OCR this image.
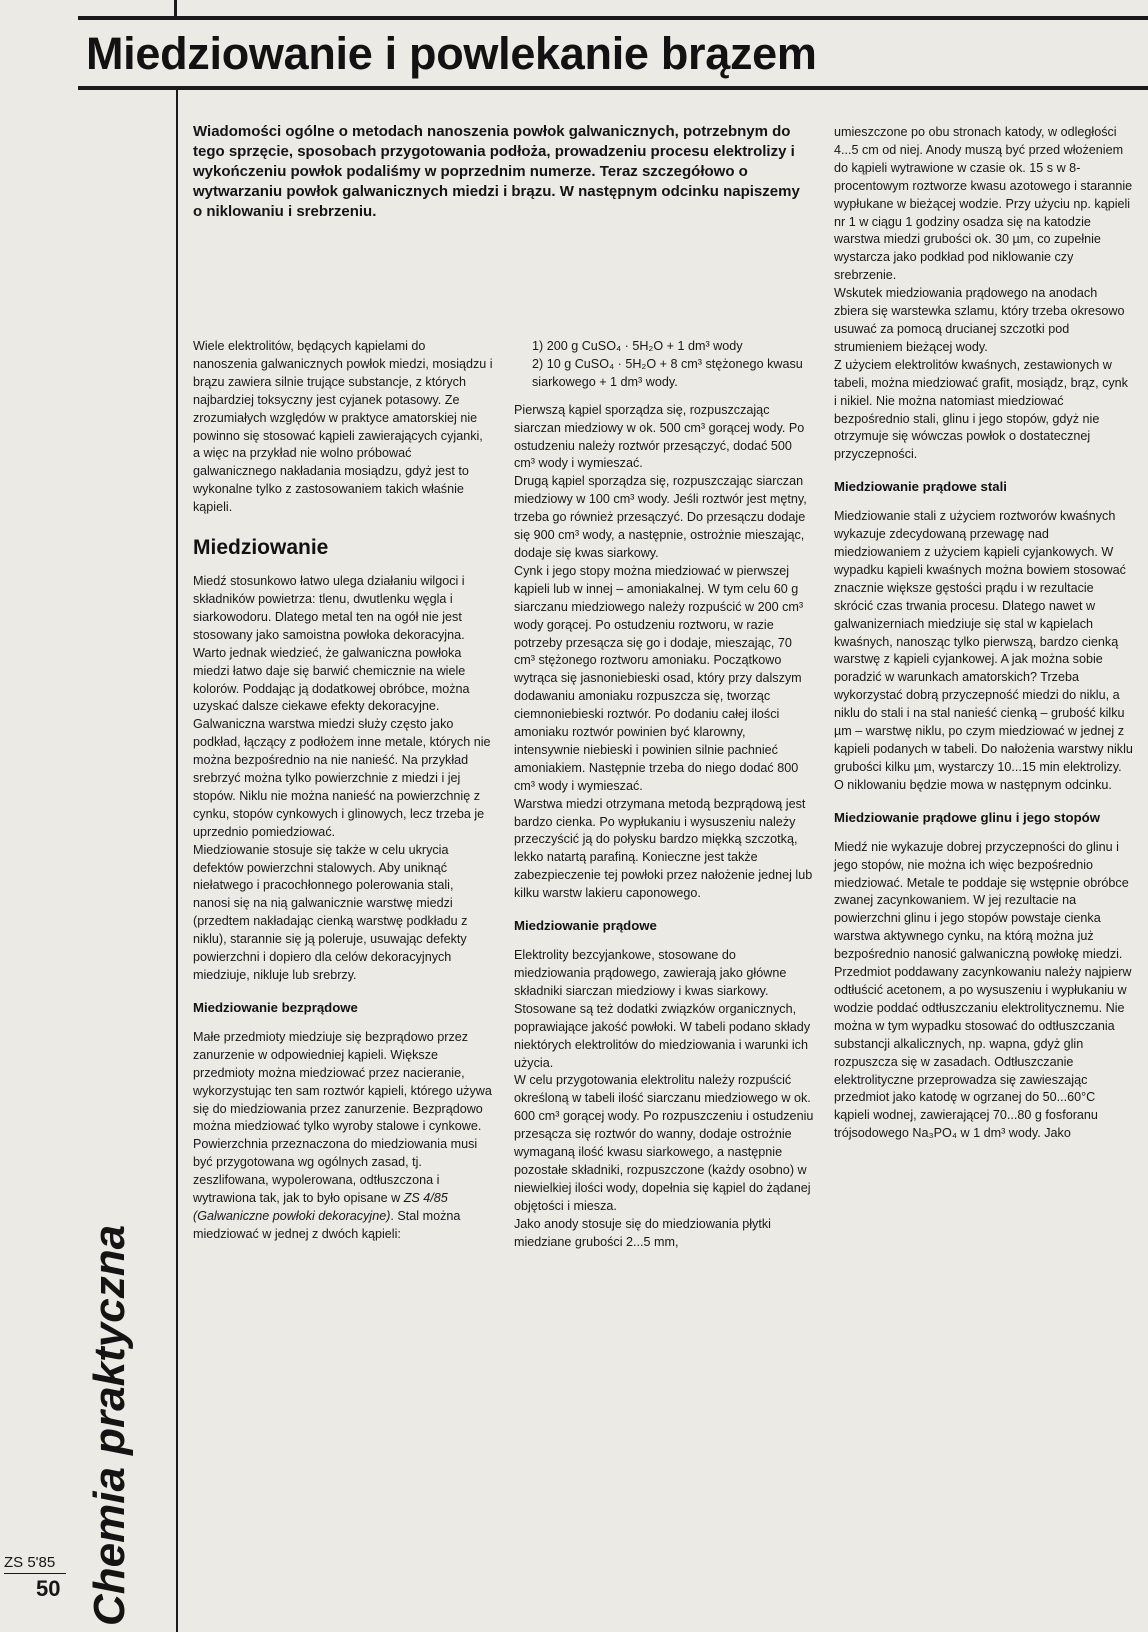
Miedziowanie i powlekanie brązem
Chemia praktyczna
ZS 5'85
50

Wiadomości ogólne o metodach nanoszenia powłok galwanicznych, potrzebnym do tego sprzęcie, sposobach przygotowania podłoża, prowadzeniu procesu elektrolizy i wykończeniu powłok podaliśmy w poprzednim numerze. Teraz szczegółowo o wytwarzaniu powłok galwanicznych miedzi i brązu. W następnym odcinku napiszemy o niklowaniu i srebrzeniu.

Wiele elektrolitów, będących kąpielami do nanoszenia galwanicznych powłok miedzi, mosiądzu i brązu zawiera silnie trujące substancje, z których najbardziej toksyczny jest cyjanek potasowy. Ze zrozumiałych względów w praktyce amatorskiej nie powinno się stosować kąpieli zawierających cyjanki, a więc na przykład nie wolno próbować galwanicznego nakładania mosiądzu, gdyż jest to wykonalne tylko z zastosowaniem takich właśnie kąpieli.

Miedziowanie

Miedź stosunkowo łatwo ulega działaniu wilgoci i składników powietrza: tlenu, dwutlenku węgla i siarkowodoru. Dlatego metal ten na ogół nie jest stosowany jako samoistna powłoka dekoracyjna. Warto jednak wiedzieć, że galwaniczna powłoka miedzi łatwo daje się barwić chemicznie na wiele kolorów. Poddając ją dodatkowej obróbce, można uzyskać dalsze ciekawe efekty dekoracyjne. Galwaniczna warstwa miedzi służy często jako podkład, łączący z podłożem inne metale, których nie można bezpośrednio na nie nanieść. Na przykład srebrzyć można tylko powierzchnie z miedzi i jej stopów. Niklu nie można nanieść na powierzchnię z cynku, stopów cynkowych i glinowych, lecz trzeba je uprzednio pomiedziować.

Miedziowanie stosuje się także w celu ukrycia defektów powierzchni stalowych. Aby uniknąć niełatwego i pracochłonnego polerowania stali, nanosi się na nią galwanicznie warstwę miedzi (przedtem nakładając cienką warstwę podkładu z niklu), starannie się ją poleruje, usuwając defekty powierzchni i dopiero dla celów dekoracyjnych miedziuje, nikluje lub srebrzy.

Miedziowanie bezprądowe

Małe przedmioty miedziuje się bezprądowo przez zanurzenie w odpowiedniej kąpieli. Większe przedmioty można miedziować przez nacieranie, wykorzystując ten sam roztwór kąpieli, którego używa się do miedziowania przez zanurzenie. Bezprądowo można miedziować tylko wyroby stalowe i cynkowe. Powierzchnia przeznaczona do miedziowania musi być przygotowana wg ogólnych zasad, tj. zeszlifowana, wypolerowana, odtłuszczona i wytrawiona tak, jak to było opisane w ZS 4/85 (Galwaniczne powłoki dekoracyjne). Stal można miedziować w jednej z dwóch kąpieli:

1) 200 g CuSO₄ · 5H₂O + 1 dm³ wody

2) 10 g CuSO₄ · 5H₂O + 8 cm³ stężonego kwasu siarkowego + 1 dm³ wody.

Pierwszą kąpiel sporządza się, rozpuszczając siarczan miedziowy w ok. 500 cm³ gorącej wody. Po ostudzeniu należy roztwór przesączyć, dodać 500 cm³ wody i wymieszać.

Drugą kąpiel sporządza się, rozpuszczając siarczan miedziowy w 100 cm³ wody. Jeśli roztwór jest mętny, trzeba go również przesączyć. Do przesączu dodaje się 900 cm³ wody, a następnie, ostrożnie mieszając, dodaje się kwas siarkowy.

Cynk i jego stopy można miedziować w pierwszej kąpieli lub w innej – amoniakalnej. W tym celu 60 g siarczanu miedziowego należy rozpuścić w 200 cm³ wody gorącej. Po ostudzeniu roztworu, w razie potrzeby przesącza się go i dodaje, mieszając, 70 cm³ stężonego roztworu amoniaku. Początkowo wytrąca się jasnoniebieski osad, który przy dalszym dodawaniu amoniaku rozpuszcza się, tworząc ciemnoniebieski roztwór. Po dodaniu całej ilości amoniaku roztwór powinien być klarowny, intensywnie niebieski i powinien silnie pachnieć amoniakiem. Następnie trzeba do niego dodać 800 cm³ wody i wymieszać.

Warstwa miedzi otrzymana metodą bezprądową jest bardzo cienka. Po wypłukaniu i wysuszeniu należy przeczyścić ją do połysku bardzo miękką szczotką, lekko natartą parafiną. Konieczne jest także zabezpieczenie tej powłoki przez nałożenie jednej lub kilku warstw lakieru caponowego.

Miedziowanie prądowe

Elektrolity bezcyjankowe, stosowane do miedziowania prądowego, zawierają jako główne składniki siarczan miedziowy i kwas siarkowy. Stosowane są też dodatki związków organicznych, poprawiające jakość powłoki. W tabeli podano składy niektórych elektrolitów do miedziowania i warunki ich użycia.

W celu przygotowania elektrolitu należy rozpuścić określoną w tabeli ilość siarczanu miedziowego w ok. 600 cm³ gorącej wody. Po rozpuszczeniu i ostudzeniu przesącza się roztwór do wanny, dodaje ostrożnie wymaganą ilość kwasu siarkowego, a następnie pozostałe składniki, rozpuszczone (każdy osobno) w niewielkiej ilości wody, dopełnia się kąpiel do żądanej objętości i miesza.

Jako anody stosuje się do miedziowania płytki miedziane grubości 2...5 mm,

umieszczone po obu stronach katody, w odległości 4...5 cm od niej. Anody muszą być przed włożeniem do kąpieli wytrawione w czasie ok. 15 s w 8-procentowym roztworze kwasu azotowego i starannie wypłukane w bieżącej wodzie. Przy użyciu np. kąpieli nr 1 w ciągu 1 godziny osadza się na katodzie warstwa miedzi grubości ok. 30 µm, co zupełnie wystarcza jako podkład pod niklowanie czy srebrzenie.

Wskutek miedziowania prądowego na anodach zbiera się warstewka szlamu, który trzeba okresowo usuwać za pomocą drucianej szczotki pod strumieniem bieżącej wody.

Z użyciem elektrolitów kwaśnych, zestawionych w tabeli, można miedziować grafit, mosiądz, brąz, cynk i nikiel. Nie można natomiast miedziować bezpośrednio stali, glinu i jego stopów, gdyż nie otrzymuje się wówczas powłok o dostatecznej przyczepności.

Miedziowanie prądowe stali

Miedziowanie stali z użyciem roztworów kwaśnych wykazuje zdecydowaną przewagę nad miedziowaniem z użyciem kąpieli cyjankowych. W wypadku kąpieli kwaśnych można bowiem stosować znacznie większe gęstości prądu i w rezultacie skrócić czas trwania procesu. Dlatego nawet w galwanizerniach miedziuje się stal w kąpielach kwaśnych, nanosząc tylko pierwszą, bardzo cienką warstwę z kąpieli cyjankowej. A jak można sobie poradzić w warunkach amatorskich? Trzeba wykorzystać dobrą przyczepność miedzi do niklu, a niklu do stali i na stal nanieść cienką – grubość kilku µm – warstwę niklu, po czym miedziować w jednej z kąpieli podanych w tabeli. Do nałożenia warstwy niklu grubości kilku µm, wystarczy 10...15 min elektrolizy. O niklowaniu będzie mowa w następnym odcinku.

Miedziowanie prądowe glinu i jego stopów

Miedź nie wykazuje dobrej przyczepności do glinu i jego stopów, nie można ich więc bezpośrednio miedziować. Metale te poddaje się wstępnie obróbce zwanej zacynkowaniem. W jej rezultacie na powierzchni glinu i jego stopów powstaje cienka warstwa aktywnego cynku, na którą można już bezpośrednio nanosić galwaniczną powłokę miedzi.

Przedmiot poddawany zacynkowaniu należy najpierw odtłuścić acetonem, a po wysuszeniu i wypłukaniu w wodzie poddać odtłuszczaniu elektrolitycznemu. Nie można w tym wypadku stosować do odtłuszczania substancji alkalicznych, np. wapna, gdyż glin rozpuszcza się w zasadach. Odtłuszczanie elektrolityczne przeprowadza się zawieszając przedmiot jako katodę w ogrzanej do 50...60°C kąpieli wodnej, zawierającej 70...80 g fosforanu trójsodowego Na₃PO₄ w 1 dm³ wody. Jako
